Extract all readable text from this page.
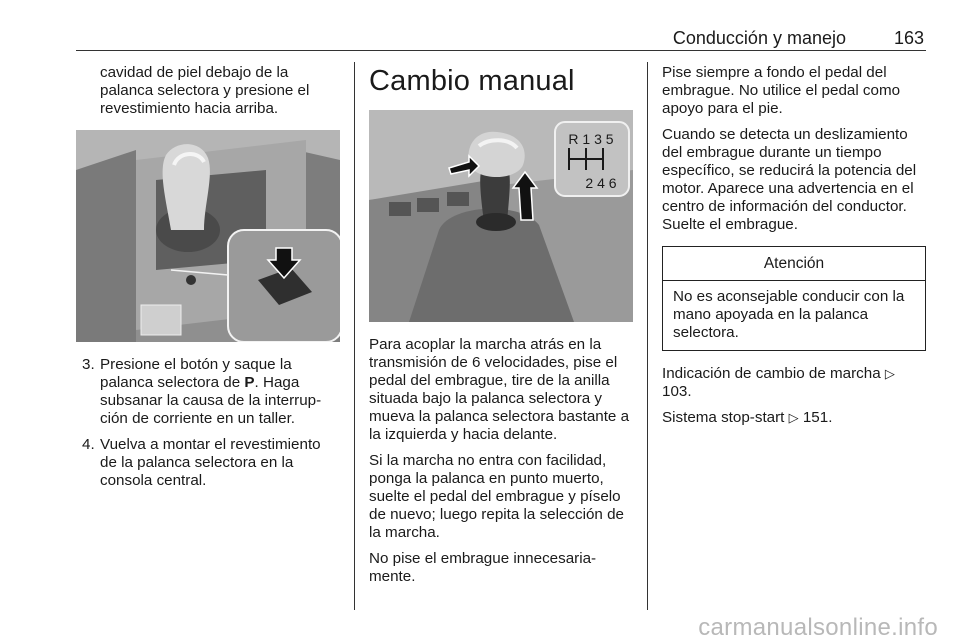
Conducción y manejo	163

cavidad de piel debajo de la palanca selectora y presione el revestimiento hacia arriba.

3. Presione el botón y saque la palanca selectora de P. Haga subsanar la causa de la interrup-ción de corriente en un taller.
4. Vuelva a montar el revestimiento de la palanca selectora en la consola central.
Cambio manual
R 1 3 5
2 4 6

Para acoplar la marcha atrás en la transmisión de 6 velocidades, pise el pedal del embrague, tire de la anilla situada bajo la palanca selectora y mueva la palanca selectora bastante a la izquierda y hacia delante.

Si la marcha no entra con facilidad, ponga la palanca en punto muerto, suelte el pedal del embrague y píselo de nuevo; luego repita la selección de la marcha.

No pise el embrague innecesaria-mente.

Pise siempre a fondo el pedal del embrague. No utilice el pedal como apoyo para el pie.

Cuando se detecta un deslizamiento del embrague durante un tiempo específico, se reducirá la potencia del motor. Aparece una advertencia en el centro de información del conductor. Suelte el embrague.

Atención
No es aconsejable conducir con la mano apoyada en la palanca selectora.

Indicación de cambio de marcha ▷ 103.

Sistema stop-start ▷ 151.

carmanualsonline.info
